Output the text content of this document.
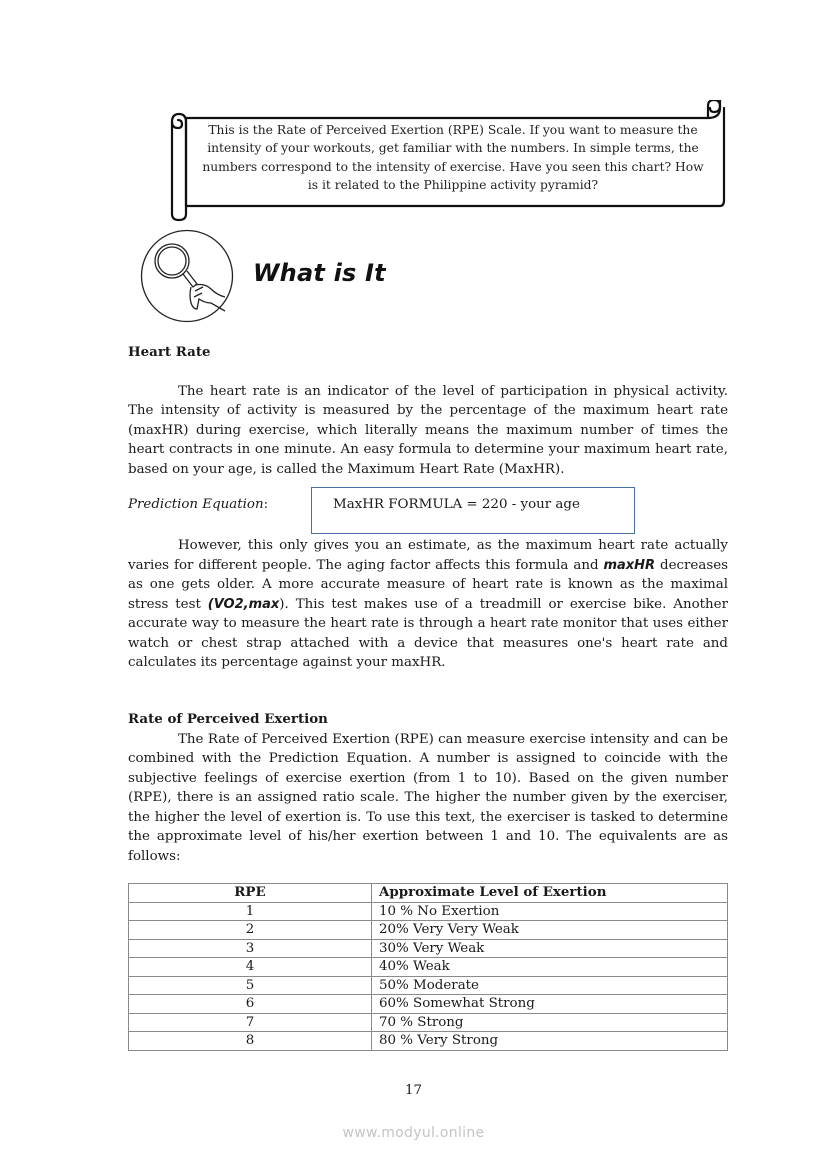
This is the Rate of Perceived Exertion (RPE) Scale. If you want to measure the intensity of your workouts, get familiar with the numbers. In simple terms, the numbers correspond to the intensity of exercise. Have you seen this chart? How is it related to the Philippine activity pyramid?
What is It
Heart Rate

The heart rate is an indicator of the level of participation in physical activity. The intensity of activity is measured by the percentage of the maximum heart rate (maxHR) during exercise, which literally means the maximum number of times the heart contracts in one minute. An easy formula to determine your maximum heart rate, based on your age, is called the Maximum Heart Rate (MaxHR).

Prediction Equation:	MaxHR FORMULA = 220 - your age

However, this only gives you an estimate, as the maximum heart rate actually varies for different people. The aging factor affects this formula and maxHR decreases as one gets older. A more accurate measure of heart rate is known as the maximal stress test (VO2,max). This test makes use of a treadmill or exercise bike. Another accurate way to measure the heart rate is through a heart rate monitor that uses either watch or chest strap attached with a device that measures one's heart rate and calculates its percentage against your maxHR.

Rate of Perceived Exertion

The Rate of Perceived Exertion (RPE) can measure exercise intensity and can be combined with the Prediction Equation. A number is assigned to coincide with the subjective feelings of exercise exertion (from 1 to 10). Based on the given number (RPE), there is an assigned ratio scale. The higher the number given by the exerciser, the higher the level of exertion is. To use this text, the exerciser is tasked to determine the approximate level of his/her exertion between 1 and 10. The equivalents are as follows:

RPE	Approximate Level of Exertion
1	10 % No Exertion
2	20% Very Very Weak
3	30% Very Weak
4	40% Weak
5	50% Moderate
6	60% Somewhat Strong
7	70 % Strong
8	80 % Very Strong
17
www.modyul.online
